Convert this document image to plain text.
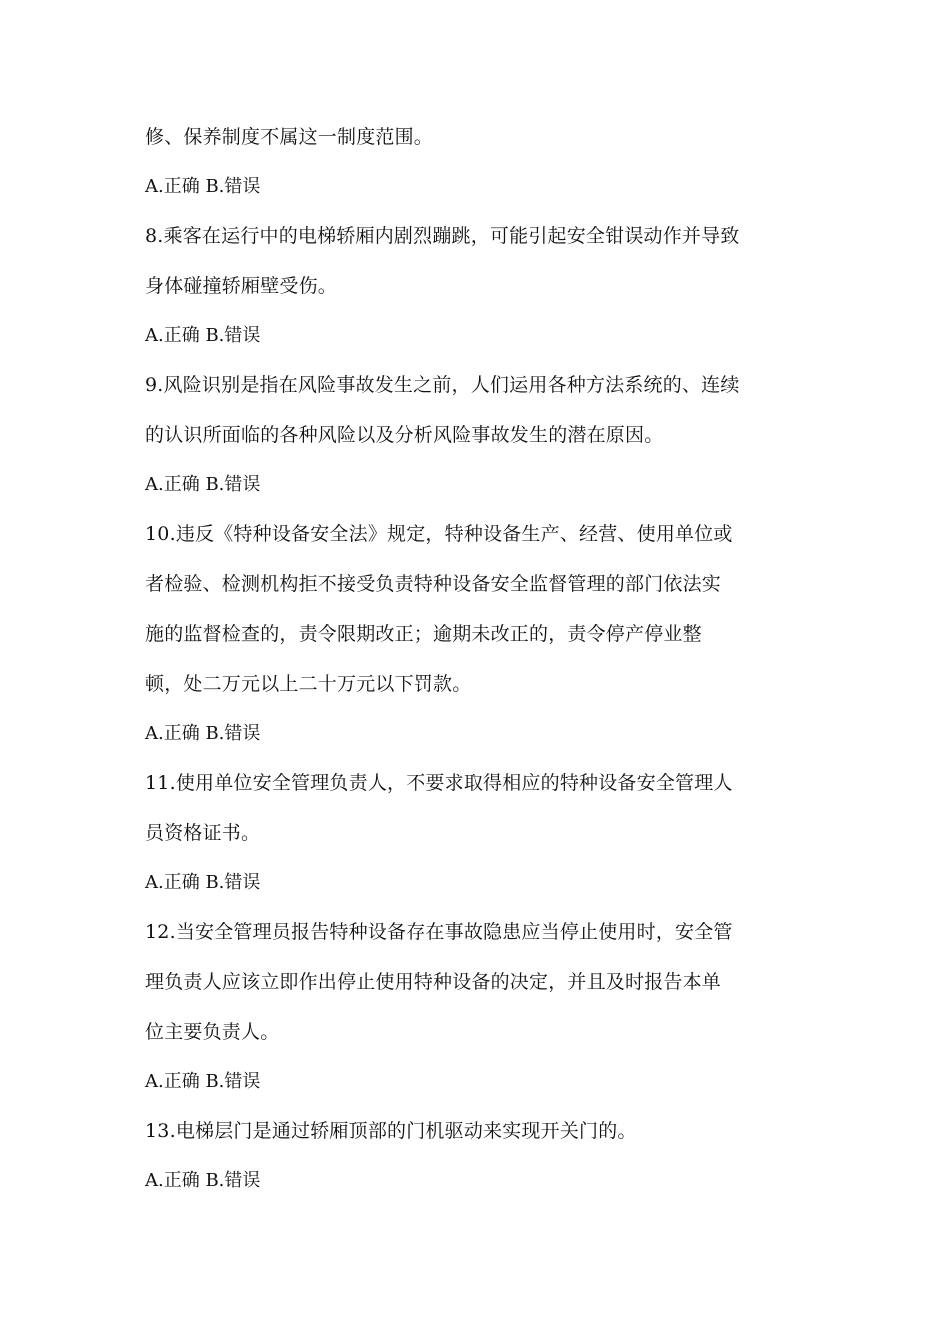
修、保养制度不属这一制度范围。
A.正确 B.错误
8.乘客在运行中的电梯轿厢内剧烈蹦跳，可能引起安全钳误动作并导致
身体碰撞轿厢壁受伤。
A.正确 B.错误
9.风险识别是指在风险事故发生之前，人们运用各种方法系统的、连续
的认识所面临的各种风险以及分析风险事故发生的潜在原因。
A.正确 B.错误
10.违反《特种设备安全法》规定，特种设备生产、经营、使用单位或
者检验、检测机构拒不接受负责特种设备安全监督管理的部门依法实
施的监督检查的，责令限期改正；逾期未改正的，责令停产停业整
顿，处二万元以上二十万元以下罚款。
A.正确 B.错误
11.使用单位安全管理负责人，不要求取得相应的特种设备安全管理人
员资格证书。
A.正确 B.错误
12.当安全管理员报告特种设备存在事故隐患应当停止使用时，安全管
理负责人应该立即作出停止使用特种设备的决定，并且及时报告本单
位主要负责人。
A.正确 B.错误
13.电梯层门是通过轿厢顶部的门机驱动来实现开关门的。
A.正确 B.错误
